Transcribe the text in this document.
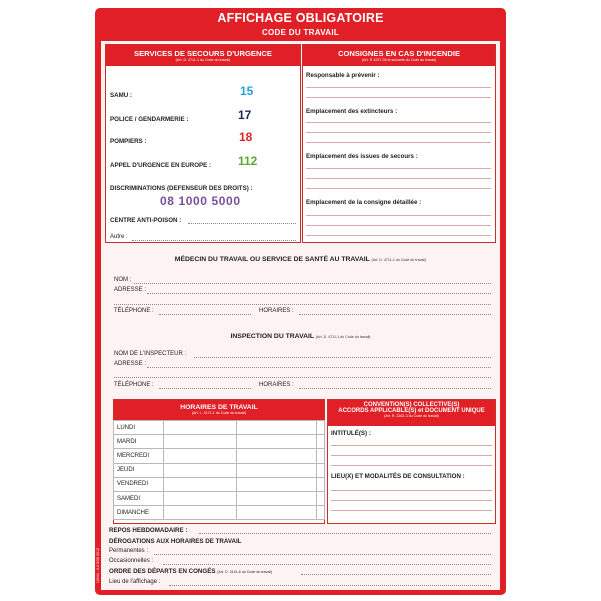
AFFICHAGE OBLIGATOIRE
CODE DU TRAVAIL
10044 - 3-3 SGS 0012
SERVICES DE SECOURS D'URGENCE
(Art. D. 4711-1 du Code du travail)
SAMU :	15
POLICE / GENDARMERIE :	17
POMPIERS :	18
APPEL D'URGENCE EN EUROPE : 112
DISCRIMINATIONS (DEFENSEUR DES DROITS) :
08 1000 5000
CENTRE ANTI-POISON :
Autre :
CONSIGNES EN CAS D'INCENDIE
(Art. R 4227-28 et suivants du Code du travail)
Responsable à prévenir :
Emplacement des extincteurs :
Emplacement des issues de secours :
Emplacement de la consigne détaillée :
MÉDECIN DU TRAVAIL OU SERVICE DE SANTÉ AU TRAVAIL (Art. D. 4711-1 du Code du travail)
NOM :
ADRESSE :
TÉLÉPHONE :	HORAIRES :
INSPECTION DU TRAVAIL (Art. D. 4711-1 du Code du travail)
NOM DE L'INSPECTEUR :
ADRESSE :
TÉLÉPHONE :	HORAIRES :
HORAIRES DE TRAVAIL
(Art. L. 3171-1 du Code du travail)
LUNDI			
MARDI			
MERCREDI			
JEUDI			
VENDREDI			
SAMEDI			
DIMANCHE			
CONVENTION(S) COLLECTIVE(S)
ACCORDS APPLICABLE(S) et DOCUMENT UNIQUE
(Art. R. 2262-3 du Code du travail)
INTITULÉ(S) :
LIEU(X) ET MODALITÉS DE CONSULTATION :
REPOS HEBDOMADAIRE :
DÉROGATIONS AUX HORAIRES DE TRAVAIL
Permanentes :
Occasionnelles :
ORDRE DES DÉPARTS EN CONGÉS (Art. D. 3141-6 du Code du travail)
Lieu de l'affichage :
